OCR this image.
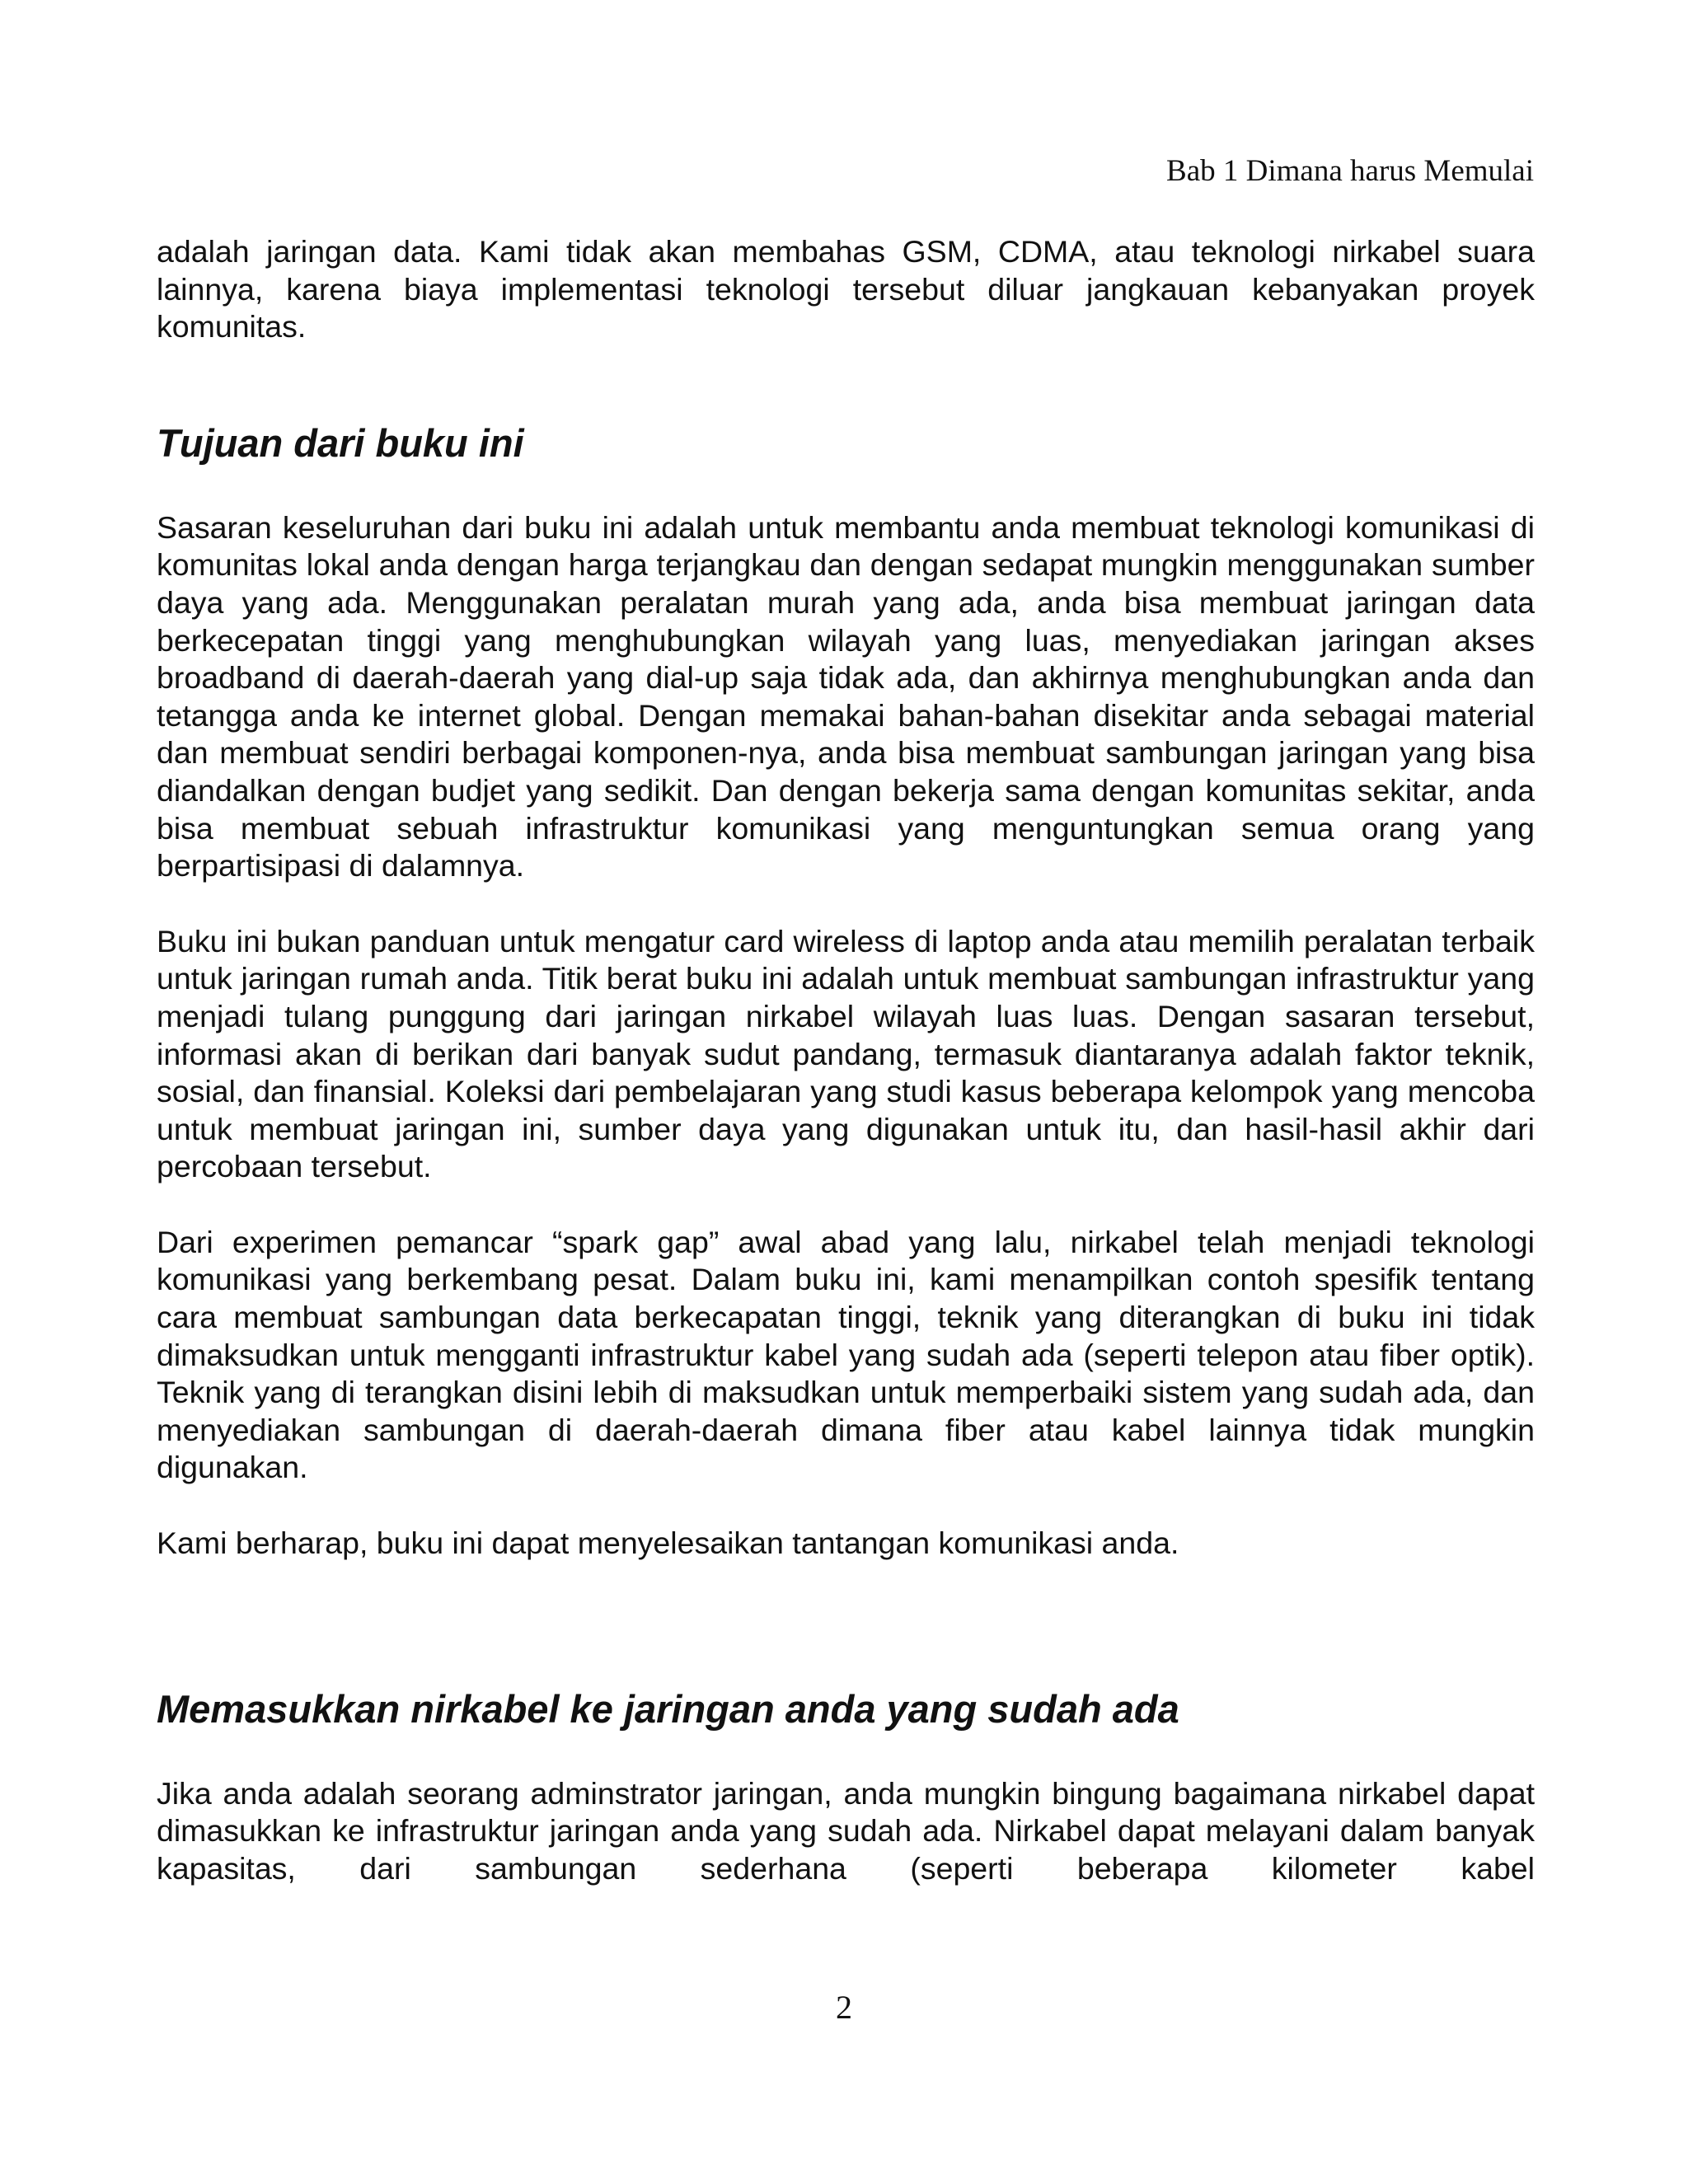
Bab 1 Dimana harus Memulai

adalah jaringan data. Kami tidak akan membahas GSM, CDMA, atau teknologi nirkabel suara lainnya, karena biaya implementasi teknologi tersebut diluar jangkauan kebanyakan proyek komunitas.

Tujuan dari buku ini

Sasaran keseluruhan dari buku ini adalah untuk membantu anda membuat teknologi komunikasi di komunitas lokal anda dengan harga terjangkau dan dengan sedapat mungkin menggunakan sumber daya yang ada. Menggunakan peralatan murah yang ada, anda bisa membuat jaringan data berkecepatan tinggi yang menghubungkan wilayah yang luas, menyediakan jaringan akses broadband di daerah-daerah yang dial-up saja tidak ada, dan akhirnya menghubungkan anda dan tetangga anda ke internet global. Dengan memakai bahan-bahan disekitar anda sebagai material dan membuat sendiri berbagai komponen-nya, anda bisa membuat sambungan jaringan yang bisa diandalkan dengan budjet yang sedikit. Dan dengan bekerja sama dengan komunitas sekitar, anda bisa membuat sebuah infrastruktur komunikasi yang menguntungkan semua orang yang berpartisipasi di dalamnya.

Buku ini bukan panduan untuk mengatur card wireless di laptop anda atau memilih peralatan terbaik untuk jaringan rumah anda. Titik berat buku ini adalah untuk membuat sambungan infrastruktur yang menjadi tulang punggung dari jaringan nirkabel wilayah luas luas. Dengan sasaran tersebut, informasi akan di berikan dari banyak sudut pandang, termasuk diantaranya adalah faktor teknik, sosial, dan finansial. Koleksi dari pembelajaran yang studi kasus beberapa kelompok yang mencoba untuk membuat jaringan ini, sumber daya yang digunakan untuk itu, dan hasil-hasil akhir dari percobaan tersebut.

Dari experimen pemancar “spark gap” awal abad yang lalu, nirkabel telah menjadi teknologi komunikasi yang berkembang pesat. Dalam buku ini, kami menampilkan contoh spesifik tentang cara membuat sambungan data berkecapatan tinggi, teknik yang diterangkan di buku ini tidak dimaksudkan untuk mengganti infrastruktur kabel yang sudah ada (seperti telepon atau fiber optik). Teknik yang di terangkan disini lebih di maksudkan untuk memperbaiki sistem yang sudah ada, dan menyediakan sambungan di daerah-daerah dimana fiber atau kabel lainnya tidak mungkin digunakan.

Kami berharap, buku ini dapat menyelesaikan tantangan komunikasi anda.

Memasukkan nirkabel ke jaringan anda yang sudah ada

Jika anda adalah seorang adminstrator jaringan, anda mungkin bingung bagaimana nirkabel dapat dimasukkan ke infrastruktur jaringan anda yang sudah ada. Nirkabel dapat melayani dalam banyak kapasitas, dari sambungan sederhana (seperti beberapa kilometer kabel

2
